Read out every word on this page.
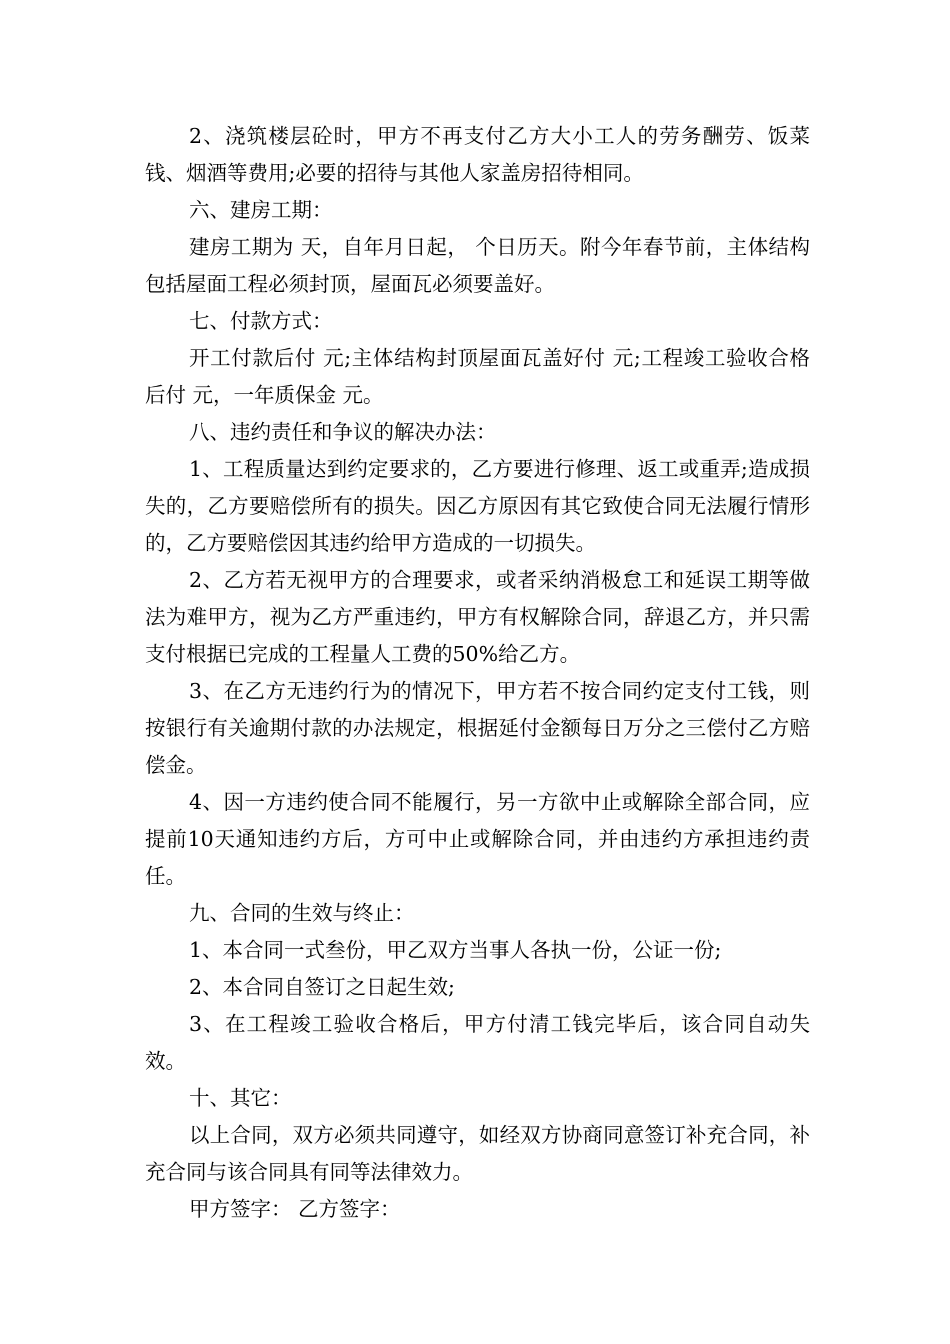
2、浇筑楼层砼时，甲方不再支付乙方大小工人的劳务酬劳、饭菜钱、烟酒等费用;必要的招待与其他人家盖房招待相同。

六、建房工期：

建房工期为 天，自年月日起， 个日历天。附今年春节前，主体结构包括屋面工程必须封顶，屋面瓦必须要盖好。

七、付款方式：

开工付款后付 元;主体结构封顶屋面瓦盖好付 元;工程竣工验收合格后付 元，一年质保金 元。

八、违约责任和争议的解决办法：

1、工程质量达到约定要求的，乙方要进行修理、返工或重弄;造成损失的，乙方要赔偿所有的损失。因乙方原因有其它致使合同无法履行情形的，乙方要赔偿因其违约给甲方造成的一切损失。

2、乙方若无视甲方的合理要求，或者采纳消极怠工和延误工期等做法为难甲方，视为乙方严重违约，甲方有权解除合同，辞退乙方，并只需支付根据已完成的工程量人工费的50%给乙方。

3、在乙方无违约行为的情况下，甲方若不按合同约定支付工钱，则按银行有关逾期付款的办法规定，根据延付金额每日万分之三偿付乙方赔偿金。

4、因一方违约使合同不能履行，另一方欲中止或解除全部合同，应提前10天通知违约方后，方可中止或解除合同，并由违约方承担违约责任。

九、合同的生效与终止：

1、本合同一式叁份，甲乙双方当事人各执一份，公证一份;

2、本合同自签订之日起生效;

3、在工程竣工验收合格后，甲方付清工钱完毕后，该合同自动失效。

十、其它：

以上合同，双方必须共同遵守，如经双方协商同意签订补充合同，补充合同与该合同具有同等法律效力。

甲方签字： 乙方签字：
